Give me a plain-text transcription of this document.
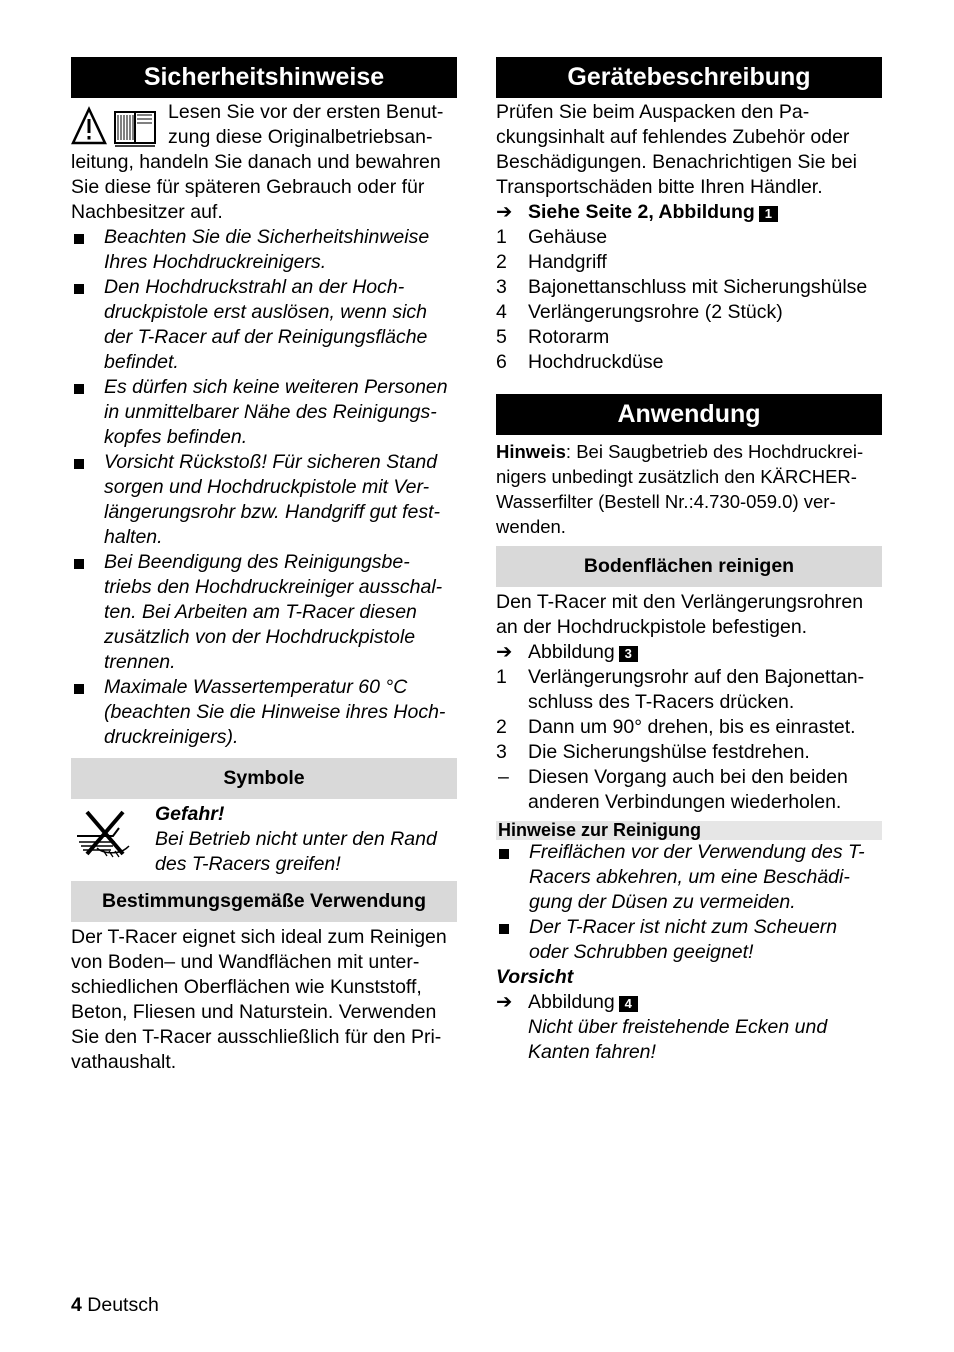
Sicherheitshinweise

Lesen Sie vor der ersten Benut-

zung diese Originalbetriebsan-

leitung, handeln Sie danach und bewahren

Sie diese für späteren Gebrauch oder für

Nachbesitzer auf.

Beachten Sie die Sicherheitshinweise
Ihres Hochdruckreinigers.
Den Hochdruckstrahl an der Hoch-
druckpistole erst auslösen, wenn sich
der T-Racer auf der Reinigungsfläche
befindet.
Es dürfen sich keine weiteren Personen
in unmittelbarer Nähe des Reinigungs-
kopfes befinden.
Vorsicht Rückstoß! Für sicheren Stand
sorgen und Hochdruckpistole mit Ver-
längerungsrohr bzw. Handgriff gut fest-
halten.
Bei Beendigung des Reinigungsbe-
triebs den Hochdruckreiniger ausschal-
ten. Bei Arbeiten am T-Racer diesen
zusätzlich von der Hochdruckpistole
trennen.
Maximale Wassertemperatur 60 °C
(beachten Sie die Hinweise ihres Hoch-
druckreinigers).
Symbole

Gefahr!

Bei Betrieb nicht unter den Rand

des T-Racers greifen!

Bestimmungsgemäße Verwendung

Der T-Racer eignet sich ideal zum Reinigen

von Boden– und Wandflächen mit unter-

schiedlichen Oberflächen wie Kunststoff,

Beton, Fliesen und Naturstein. Verwenden

Sie den T-Racer ausschließlich für den Pri-

vathaushalt.

Gerätebeschreibung

Prüfen Sie beim Auspacken den Pa-

ckungsinhalt auf fehlendes Zubehör oder

Beschädigungen. Benachrichtigen Sie bei

Transportschäden bitte Ihren Händler.

➔ Siehe Seite 2, Abbildung 1
1 Gehäuse
2 Handgriff
3 Bajonettanschluss mit Sicherungshülse
4 Verlängerungsrohre (2 Stück)
5 Rotorarm
6 Hochdruckdüse
Anwendung

Hinweis: Bei Saugbetrieb des Hochdruckrei-

nigers unbedingt zusätzlich den KÄRCHER-

Wasserfilter (Bestell Nr.:4.730-059.0) ver-

wenden.

Bodenflächen reinigen

Den T-Racer mit den Verlängerungsrohren

an der Hochdruckpistole befestigen.

➔ Abbildung 3
1 Verlängerungsrohr auf den Bajonettan-
schluss des T-Racers drücken.
2 Dann um 90° drehen, bis es einrastet.
3 Die Sicherungshülse festdrehen.
– Diesen Vorgang auch bei den beiden
anderen Verbindungen wiederholen.
Hinweise zur Reinigung
Freiflächen vor der Verwendung des T-
Racers abkehren, um eine Beschädi-
gung der Düsen zu vermeiden.
Der T-Racer ist nicht zum Scheuern
oder Schrubben geeignet!

Vorsicht

➔ Abbildung 4

Nicht über freistehende Ecken und

Kanten fahren!

4 Deutsch
